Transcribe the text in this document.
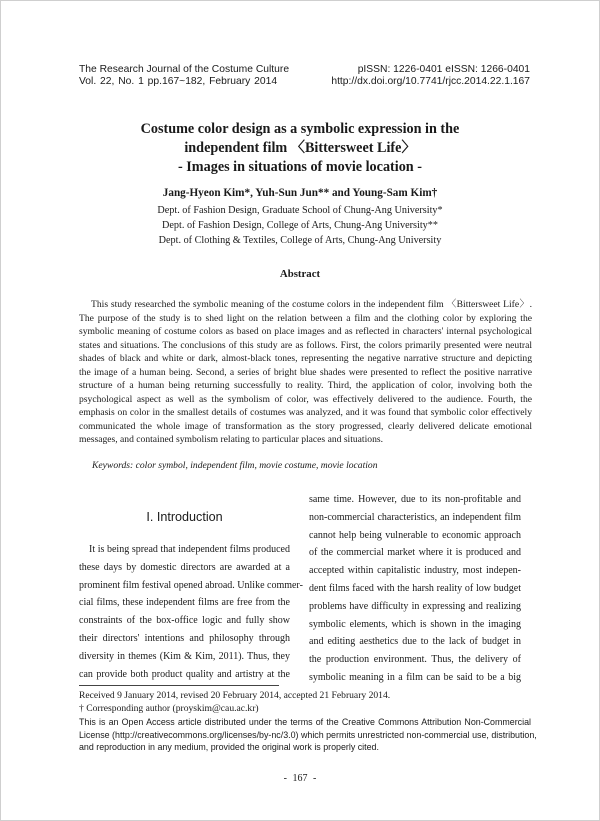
The Research Journal of the Costume Culture
Vol. 22, No. 1 pp.167~182, February 2014
pISSN: 1226-0401 eISSN: 1266-0401
http://dx.doi.org/10.7741/rjcc.2014.22.1.167
Costume color design as a symbolic expression in the
independent film 〈Bittersweet Life〉
- Images in situations of movie location -
Jang-Hyeon Kim*, Yuh-Sun Jun** and Young-Sam Kim†
Dept. of Fashion Design, Graduate School of Chung-Ang University*
Dept. of Fashion Design, College of Arts, Chung-Ang University**
Dept. of Clothing & Textiles, College of Arts, Chung-Ang University
Abstract
This study researched the symbolic meaning of the costume colors in the independent film 〈Bittersweet Life〉.
The purpose of the study is to shed light on the relation between a film and the clothing color by exploring the
symbolic meaning of costume colors as based on place images and as reflected in characters' internal psychological
states and situations. The conclusions of this study are as follows. First, the colors primarily presented were neutral
shades of black and white or dark, almost-black tones, representing the negative narrative structure and depicting
the image of a human being. Second, a series of bright blue shades were presented to reflect the positive narrative
structure of a human being returning successfully to reality. Third, the application of color, involving both the
psychological aspect as well as the symbolism of color, was effectively delivered to the audience. Fourth, the
emphasis on color in the smallest details of costumes was analyzed, and it was found that symbolic color effectively
communicated the whole image of transformation as the story progressed, clearly delivered delicate emotional
messages, and contained symbolism relating to particular places and situations.
Keywords: color symbol, independent film, movie costume, movie location
I. Introduction
It is being spread that independent films produced
these days by domestic directors are awarded at a
prominent film festival opened abroad. Unlike commer-
cial films, these independent films are free from the
constraints of the box-office logic and fully show
their directors' intentions and philosophy through
diversity in themes (Kim & Kim, 2011). Thus, they
can provide both product quality and artistry at the
same time. However, due to its non-profitable and
non-commercial characteristics, an independent film
cannot help being vulnerable to economic approach
of the commercial market where it is produced and
accepted within capitalistic industry, most indepen-
dent films faced with the harsh reality of low budget
problems have difficulty in expressing and realizing
symbolic elements, which is shown in the imaging
and editing aesthetics due to the lack of budget in
the production environment. Thus, the delivery of
symbolic meaning in a film can be said to be a big
Received 9 January 2014, revised 20 February 2014, accepted 21 February 2014.
† Corresponding author (proyskim@cau.ac.kr)
This is an Open Access article distributed under the terms of the Creative Commons Attribution Non-Commercial
License (http://creativecommons.org/licenses/by-nc/3.0) which permits unrestricted non-commercial use, distribution,
and reproduction in any medium, provided the original work is properly cited.
- 167 -
